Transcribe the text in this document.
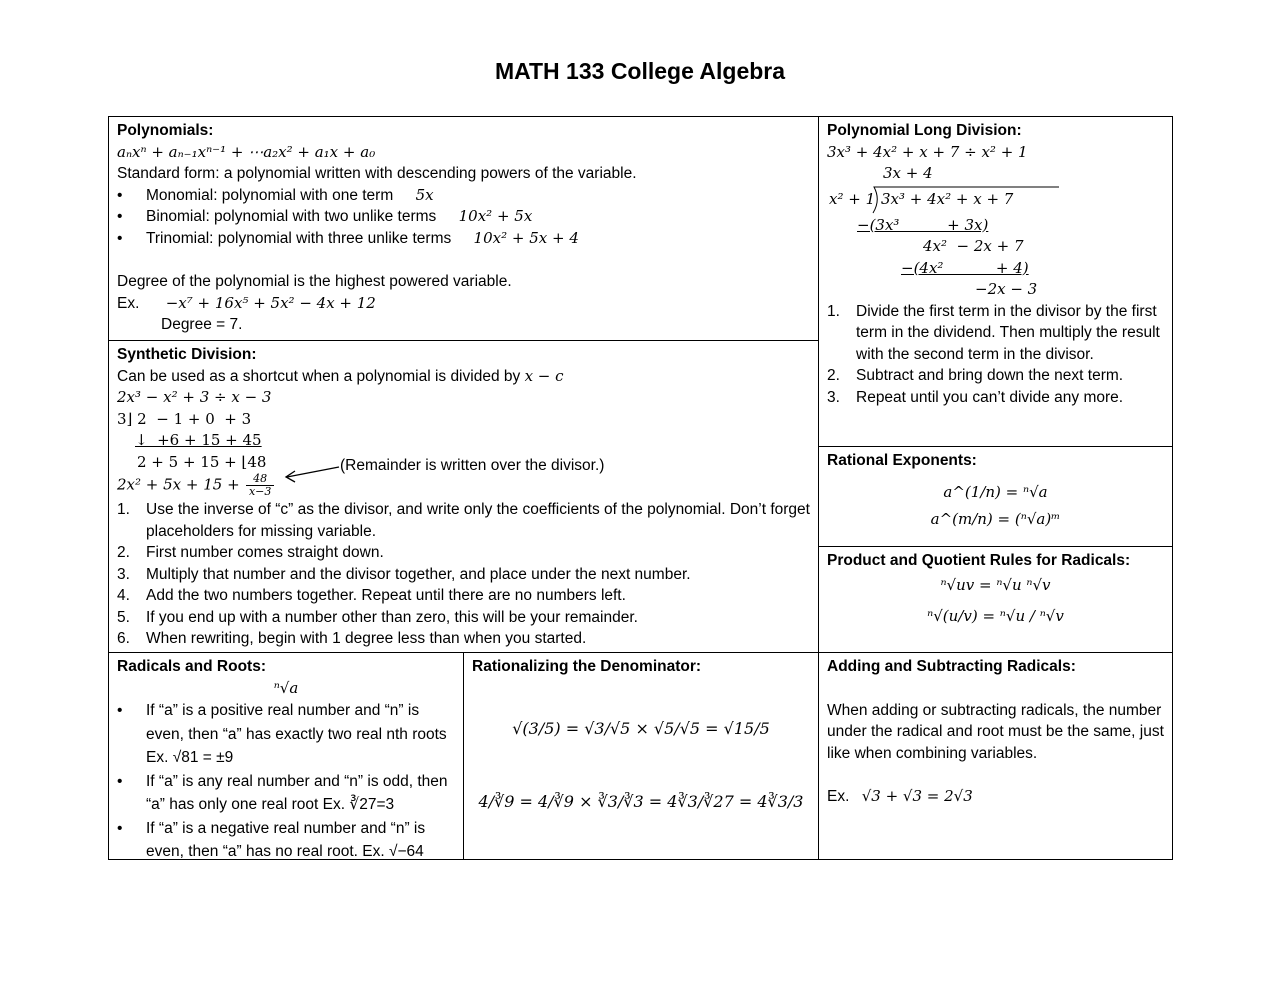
MATH 133 College Algebra
Polynomials:
aₙxⁿ + aₙ₋₁xⁿ⁻¹ + ⋯a₂x² + a₁x + a₀
Standard form: a polynomial written with descending powers of the variable.
• Monomial: polynomial with one term 5x
• Binomial: polynomial with two unlike terms 10x² + 5x
• Trinomial: polynomial with three unlike terms 10x² + 5x + 4
Degree of the polynomial is the highest powered variable.
Ex. −x⁷ + 16x⁵ + 5x² − 4x + 12
Degree = 7.
Synthetic Division:
Can be used as a shortcut when a polynomial is divided by x − c
2x³ − x² + 3 ÷ x − 3
3⌋ 2  − 1 + 0  + 3
↓  +6 + 15 + 45
2 + 5 + 15 + ⌊48
$2x^2 + 5x + 15 + \frac{48}{x-3}$
(Remainder is written over the divisor.)
1. Use the inverse of “c” as the divisor, and write only the coefficients of the polynomial. Don’t forget placeholders for missing variable.
2. First number comes straight down.
3. Multiply that number and the divisor together, and place under the next number.
4. Add the two numbers together. Repeat until there are no numbers left.
5. If you end up with a number other than zero, this will be your remainder.
6. When rewriting, begin with 1 degree less than when you started.
Polynomial Long Division:
3x³ + 4x² + x + 7 ÷ x² + 1
3x + 4
x² + 1 3x³ + 4x² + x + 7
−(3x³          + 3x)
4x²  − 2x + 7
−(4x²           + 4)
−2x − 3
1. Divide the first term in the divisor by the first term in the dividend. Then multiply the result with the second term in the divisor.
2. Subtract and bring down the next term.
3. Repeat until you can’t divide any more.
Rational Exponents:
a^(1/n) = ⁿ√a
a^(m/n) = (ⁿ√a)ᵐ
Product and Quotient Rules for Radicals:
ⁿ√uv = ⁿ√u ⁿ√v
ⁿ√(u/v) = ⁿ√u / ⁿ√v
Radicals and Roots:
ⁿ√a
• If “a” is a positive real number and “n” is even, then “a” has exactly two real nth roots Ex. √81 = ±9
• If “a” is any real number and “n” is odd, then “a” has only one real root Ex. ∛27=3
• If “a” is a negative real number and “n” is even, then “a” has no real root. Ex. √−64
Rationalizing the Denominator:
√(3/5) = √3/√5 × √5/√5 = √15/5
4/∛9 = 4/∛9 × ∛3/∛3 = 4∛3/∛27 = 4∛3/3
Adding and Subtracting Radicals:
When adding or subtracting radicals, the number under the radical and root must be the same, just like when combining variables.
Ex. √3 + √3 = 2√3
